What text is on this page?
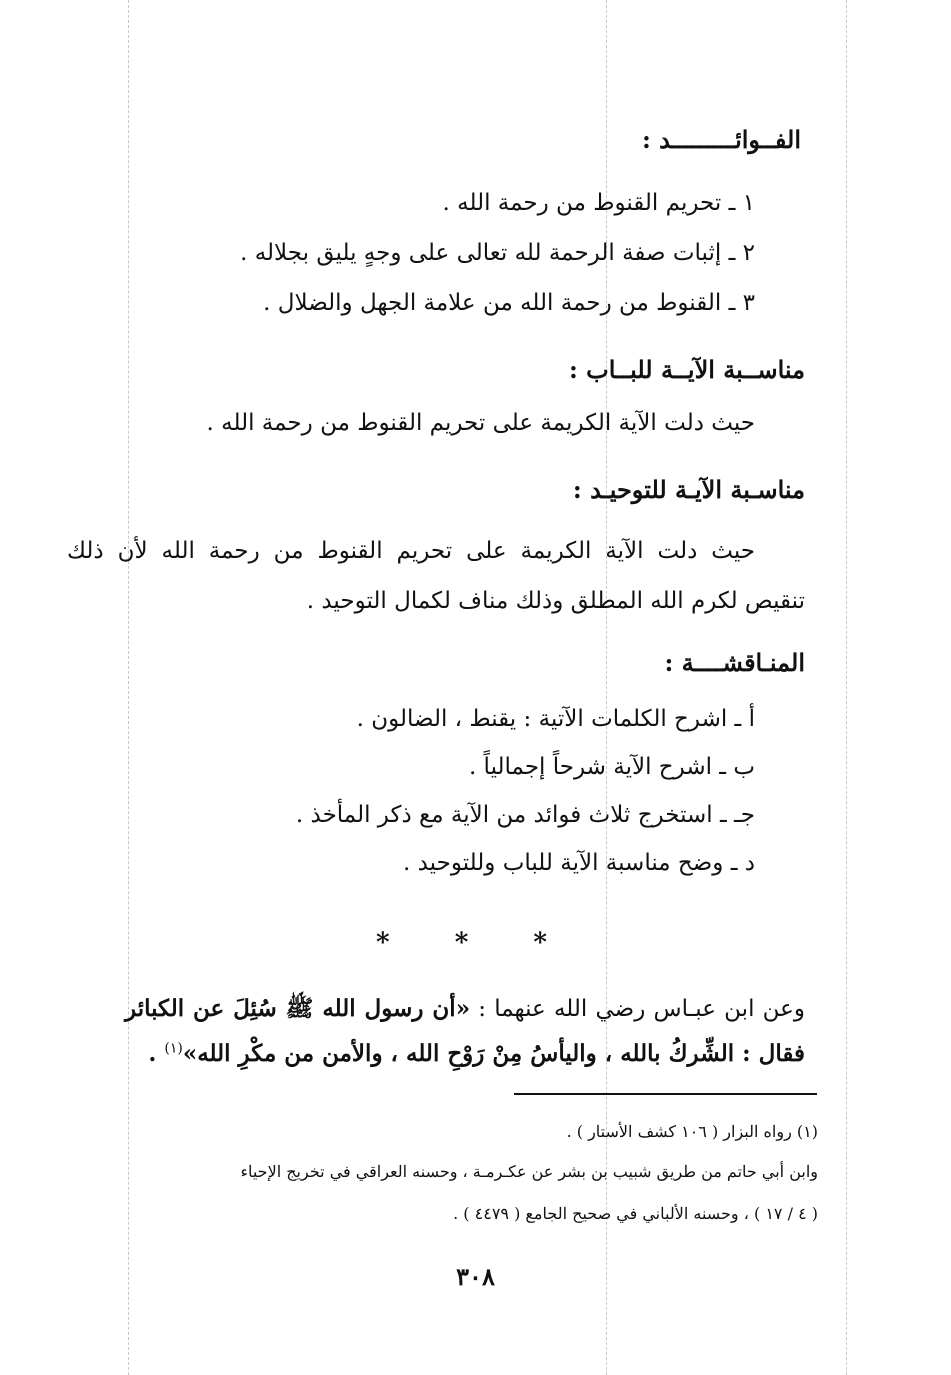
الفــوائـــــــــد :
١ ـ تحريم القنوط من رحمة الله .
٢ ـ إثبات صفة الرحمة لله تعالى على وجهٍ يليق بجلاله .
٣ ـ القنوط من رحمة الله من علامة الجهل والضلال .
مناســبة الآيــة للبــاب :
حيث دلت الآية الكريمة على تحريم القنوط من رحمة الله .
مناسـبة الآيـة للتوحيـد :
حيث دلت الآية الكريمة على تحريم القنوط من رحمة الله لأن ذلك
تنقيص لكرم الله المطلق وذلك مناف لكمال التوحيد .
المنـاقشــــة :
أ ـ اشرح الكلمات الآتية : يقنط ، الضالون .
ب ـ اشرح الآية شرحاً إجمالياً .
جـ ـ استخرج ثلاث فوائد من الآية مع ذكر المأخذ .
د ـ وضح مناسبة الآية للباب وللتوحيد .
* * *
وعن ابن عبـاس رضي الله عنهما : «أن رسول الله ﷺ سُئِلَ عن الكبائر
فقال : الشِّركُ بالله ، واليأسُ مِنْ رَوْحِ الله ، والأمن من مكْرِ الله»$^{(١)}$ .
(١) رواه البزار ( ١٠٦ كشف الأستار ) .
وابن أبي حاتم من طريق شبيب بن بشر عن عكـرمـة ، وحسنه العراقي في تخريج الإحياء
( ٤ / ١٧ ) ، وحسنه الألباني في صحيح الجامع ( ٤٤٧٩ ) .
٣٠٨
